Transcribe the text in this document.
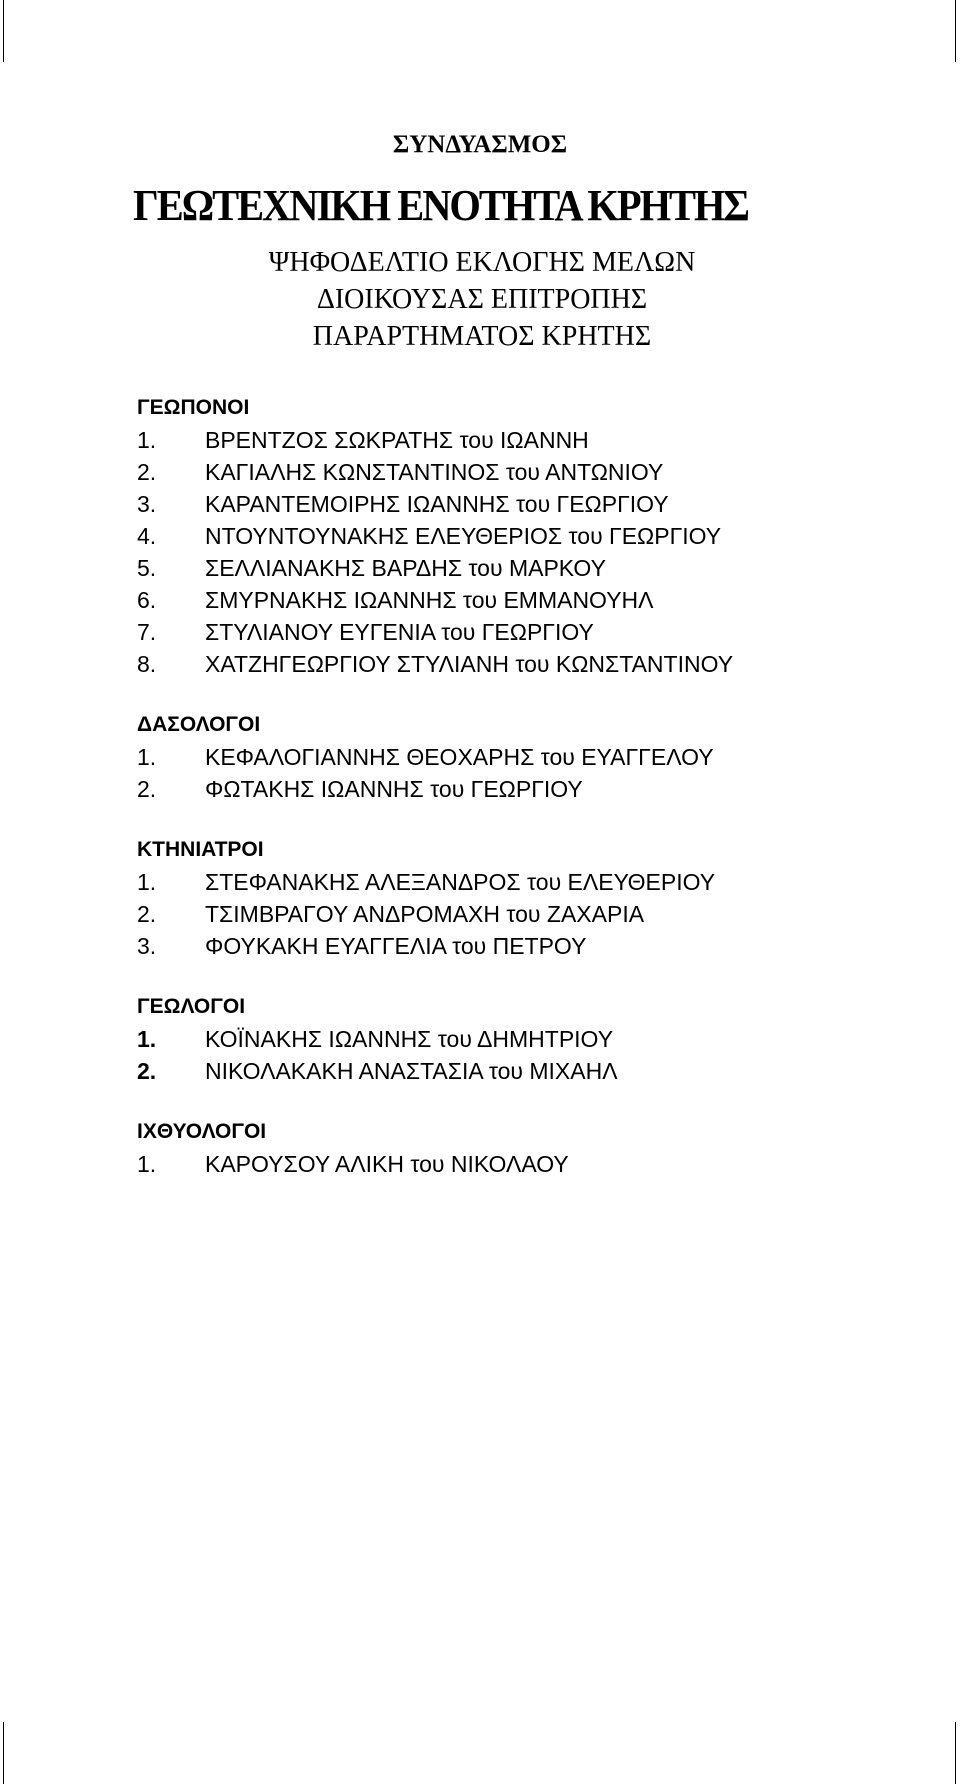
ΣΥΝΔΥΑΣΜΟΣ
ΓΕΩΤΕΧΝΙΚΗ ΕΝΟΤΗΤΑ ΚΡΗΤΗΣ
ΨΗΦΟΔΕΛΤΙΟ ΕΚΛΟΓΗΣ ΜΕΛΩΝ
ΔΙΟΙΚΟΥΣΑΣ ΕΠΙΤΡΟΠΗΣ
ΠΑΡΑΡΤΗΜΑΤΟΣ ΚΡΗΤΗΣ
ΓΕΩΠΟΝΟΙ
1.	ΒΡΕΝΤΖΟΣ ΣΩΚΡΑΤΗΣ του ΙΩΑΝΝΗ
2.	ΚΑΓΙΑΛΗΣ ΚΩΝΣΤΑΝΤΙΝΟΣ του ΑΝΤΩΝΙΟΥ
3.	ΚΑΡΑΝΤΕΜΟΙΡΗΣ ΙΩΑΝΝΗΣ του ΓΕΩΡΓΙΟΥ
4.	ΝΤΟΥΝΤΟΥΝΑΚΗΣ ΕΛΕΥΘΕΡΙΟΣ του ΓΕΩΡΓΙΟΥ
5.	ΣΕΛΛΙΑΝΑΚΗΣ ΒΑΡΔΗΣ του ΜΑΡΚΟΥ
6.	ΣΜΥΡΝΑΚΗΣ ΙΩΑΝΝΗΣ του ΕΜΜΑΝΟΥΗΛ
7.	ΣΤΥΛΙΑΝΟΥ ΕΥΓΕΝΙΑ του ΓΕΩΡΓΙΟΥ
8.	ΧΑΤΖΗΓΕΩΡΓΙΟΥ ΣΤΥΛΙΑΝΗ του ΚΩΝΣΤΑΝΤΙΝΟΥ
ΔΑΣΟΛΟΓΟΙ
1.	ΚΕΦΑΛΟΓΙΑΝΝΗΣ ΘΕΟΧΑΡΗΣ του ΕΥΑΓΓΕΛΟΥ
2.	ΦΩΤΑΚΗΣ ΙΩΑΝΝΗΣ του ΓΕΩΡΓΙΟΥ
ΚΤΗΝΙΑΤΡΟΙ
1.	ΣΤΕΦΑΝΑΚΗΣ ΑΛΕΞΑΝΔΡΟΣ του ΕΛΕΥΘΕΡΙΟΥ
2.	ΤΣΙΜΒΡΑΓΟΥ ΑΝΔΡΟΜΑΧΗ του ΖΑΧΑΡΙΑ
3.	ΦΟΥΚΑΚΗ ΕΥΑΓΓΕΛΙΑ του ΠΕΤΡΟΥ
ΓΕΩΛΟΓΟΙ
1.	ΚΟΪΝΑΚΗΣ ΙΩΑΝΝΗΣ του ΔΗΜΗΤΡΙΟΥ
2.	ΝΙΚΟΛΑΚΑΚΗ ΑΝΑΣΤΑΣΙΑ του ΜΙΧΑΗΛ
ΙΧΘΥΟΛΟΓΟΙ
1.	ΚΑΡΟΥΣΟΥ ΑΛΙΚΗ του ΝΙΚΟΛΑΟΥ
